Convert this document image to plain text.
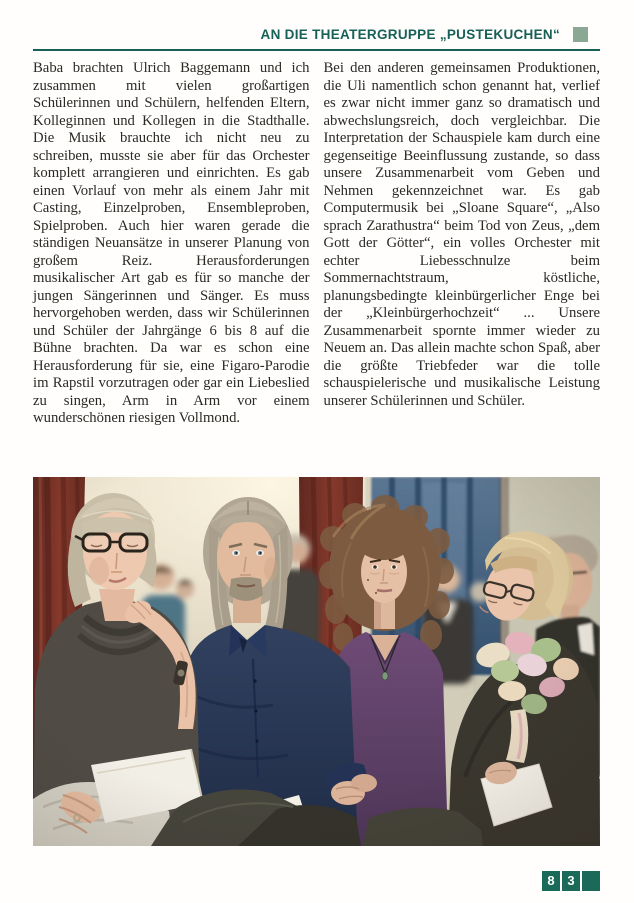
AN DIE THEATERGRUPPE „PUSTEKUCHEN“
Baba brachten Ulrich Baggemann und ich zusammen mit vielen großartigen Schülerinnen und Schülern, helfenden Eltern, Kolleginnen und Kollegen in die Stadthalle. Die Musik brauchte ich nicht neu zu schreiben, musste sie aber für das Orchester komplett arrangieren und einrichten. Es gab einen Vorlauf von mehr als einem Jahr mit Casting, Einzelproben, Ensembleproben, Spielproben. Auch hier waren gerade die ständigen Neuansätze in unserer Planung von großem Reiz. Herausforderungen musikalischer Art gab es für so manche der jungen Sängerinnen und Sänger. Es muss hervorgehoben werden, dass wir Schülerinnen und Schüler der Jahrgänge 6 bis 8 auf die Bühne brachten. Da war es schon eine Herausforderung für sie, eine Figaro-Parodie im Rapstil vorzutragen oder gar ein Liebeslied zu singen, Arm in Arm vor einem wunderschönen riesigen Vollmond.
Bei den anderen gemeinsamen Produktionen, die Uli namentlich schon genannt hat, verlief es zwar nicht immer ganz so dramatisch und abwechslungsreich, doch vergleichbar. Die Interpretation der Schauspiele kam durch eine gegenseitige Beeinflussung zustande, so dass unsere Zusammenarbeit vom Geben und Nehmen gekennzeichnet war. Es gab Computermusik bei „Sloane Square“, „Also sprach Zarathustra“ beim Tod von Zeus, „dem Gott der Götter“, ein volles Orchester mit echter Liebesschnulze beim Sommernachtstraum, köstliche, planungsbedingte kleinbürgerlicher Enge bei der „Kleinbürgerhochzeit“ ... Unsere Zusammenarbeit spornte immer wieder zu Neuem an. Das allein machte schon Spaß, aber die größte Triebfeder war die tolle schauspielerische und musikalische Leistung unserer Schülerinnen und Schüler.
8 3
